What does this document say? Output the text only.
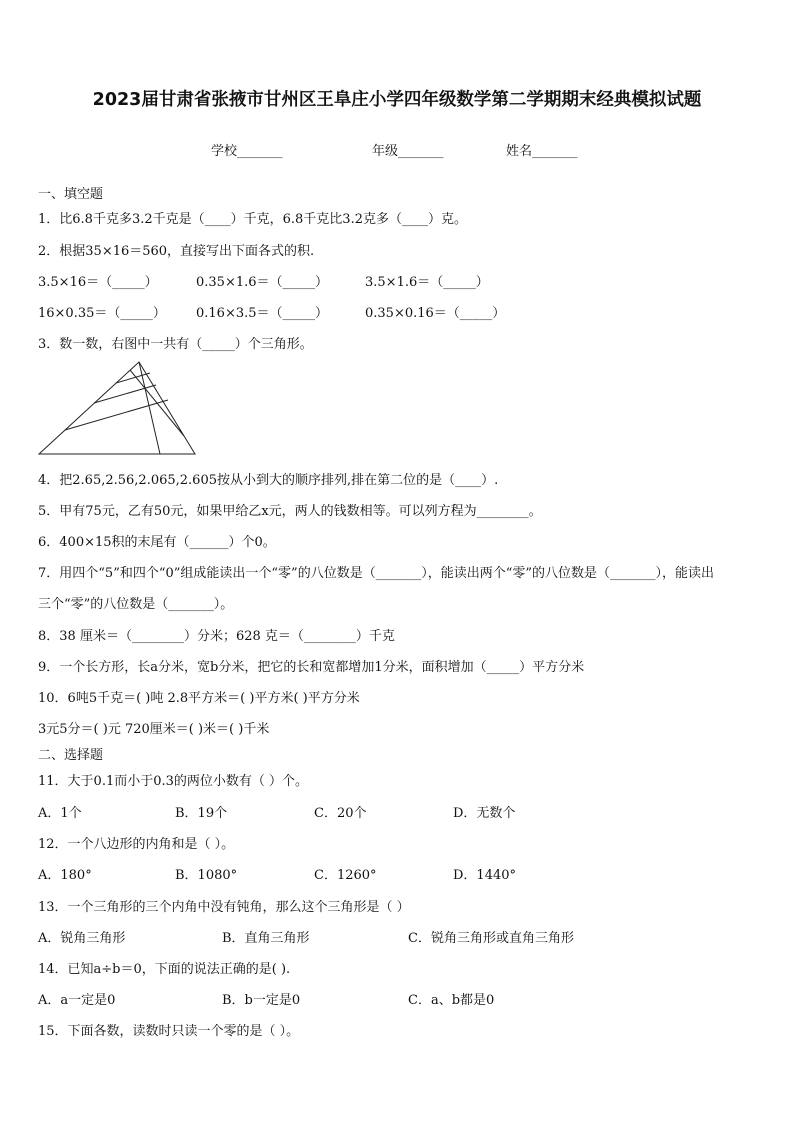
2023届甘肃省张掖市甘州区王阜庄小学四年级数学第二学期期末经典模拟试题
学校_______	年级_______	姓名_______
一、填空题
1．比6.8千克多3.2千克是（____）千克，6.8千克比3.2克多（____）克。
2．根据35×16＝560，直接写出下面各式的积.
3.5×16＝（_____）	0.35×1.6＝（_____）	3.5×1.6＝（_____）
16×0.35＝（_____） 0.16×3.5＝（_____）	0.35×0.16＝（_____）
3．数一数，右图中一共有（_____）个三角形。
4．把2.65,2.56,2.065,2.605按从小到大的顺序排列,排在第二位的是（____）.
5．甲有75元，乙有50元，如果甲给乙x元，两人的钱数相等。可以列方程为________。
6．400×15积的末尾有（______）个0。
7．用四个“5”和四个“0”组成能读出一个“零”的八位数是（_______），能读出两个“零”的八位数是（_______），能读出
三个“零”的八位数是（_______）。
8．38 厘米＝（________）分米；628 克＝（________）千克
9．一个长方形，长a分米，宽b分米，把它的长和宽都增加1分米，面积增加（_____）平方分米
10．6吨5千克＝( )吨 2.8平方米＝( )平方米( )平方分米
3元5分＝( )元 720厘米＝( )米＝( )千米
二、选择题
11．大于0.1而小于0.3的两位小数有（ ）个。
A．1个	B．19个	C．20个	D．无数个
12．一个八边形的内角和是（ ）。
A．180°	B．1080°	C．1260°	D．1440°
13．一个三角形的三个内角中没有钝角，那么这个三角形是（ ）
A．锐角三角形	B．直角三角形	C．锐角三角形或直角三角形
14．已知a÷b＝0，下面的说法正确的是( ).
A．a一定是0	B．b一定是0	C．a、b都是0
15．下面各数，读数时只读一个零的是（ ）。
